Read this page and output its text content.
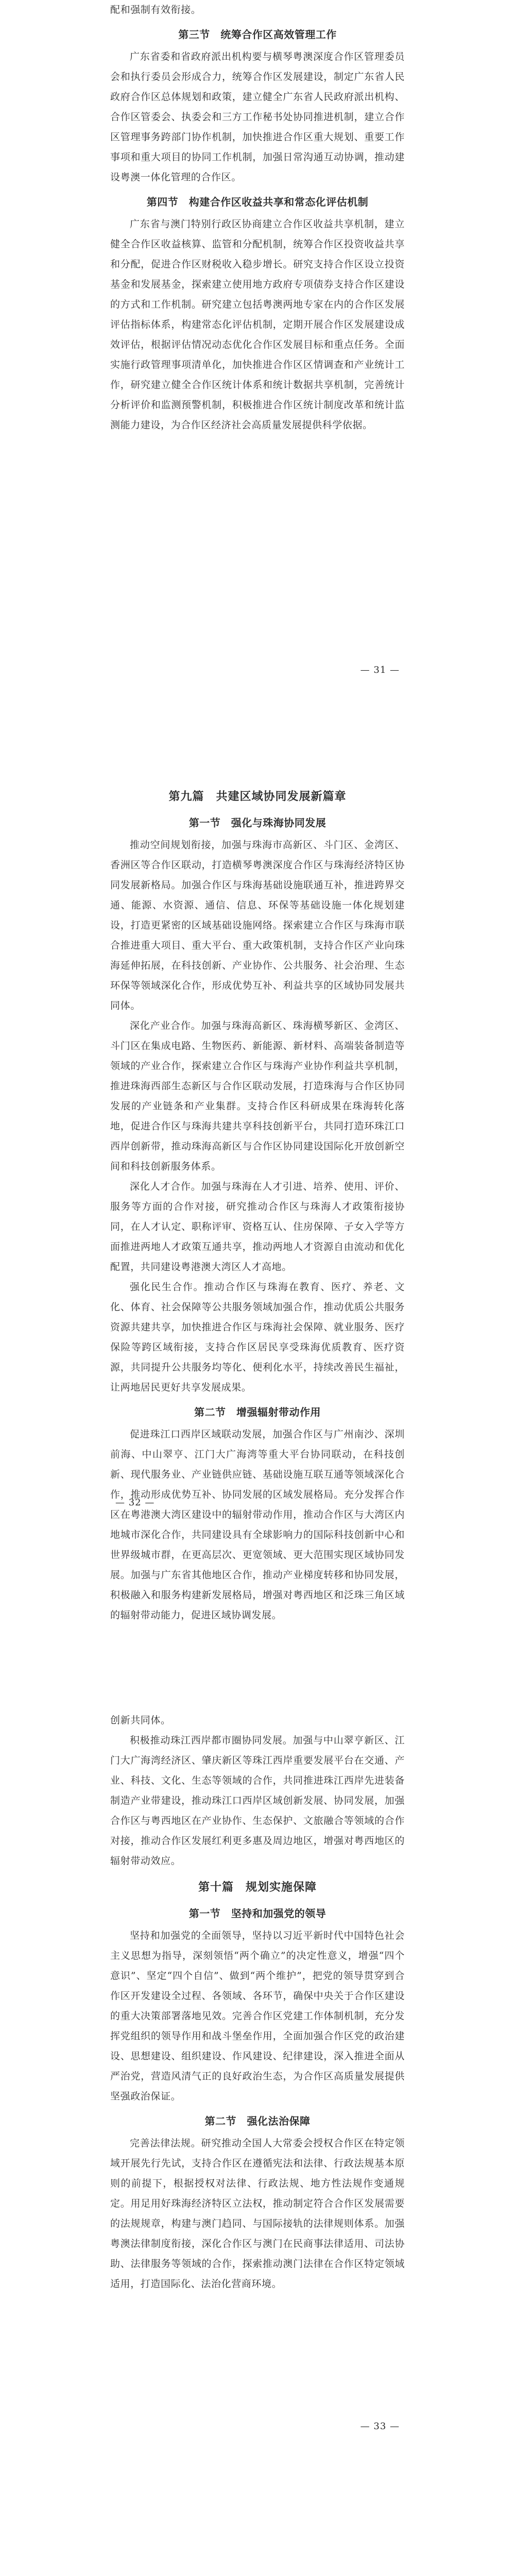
配和强制有效衔接。

第三节　统筹合作区高效管理工作

广东省委和省政府派出机构要与横琴粤澳深度合作区管理委员会和执行委员会形成合力，统筹合作区发展建设，制定广东省人民政府合作区总体规划和政策，建立健全广东省人民政府派出机构、合作区管委会、执委会和三方工作秘书处协同推进机制，建立合作区管理事务跨部门协作机制，加快推进合作区重大规划、重要工作事项和重大项目的协同工作机制，加强日常沟通互动协调，推动建设粤澳一体化管理的合作区。

第四节　构建合作区收益共享和常态化评估机制

广东省与澳门特别行政区协商建立合作区收益共享机制，建立健全合作区收益核算、监管和分配机制，统筹合作区投资收益共享和分配，促进合作区财税收入稳步增长。研究支持合作区设立投资基金和发展基金，探索建立使用地方政府专项债券支持合作区建设的方式和工作机制。研究建立包括粤澳两地专家在内的合作区发展评估指标体系，构建常态化评估机制，定期开展合作区发展建设成效评估，根据评估情况动态优化合作区发展目标和重点任务。全面实施行政管理事项清单化，加快推进合作区区情调查和产业统计工作，研究建立健全合作区统计体系和统计数据共享机制，完善统计分析评价和监测预警机制，积极推进合作区统计制度改革和统计监测能力建设，为合作区经济社会高质量发展提供科学依据。

— 31 —
第九篇　共建区域协同发展新篇章
第一节　强化与珠海协同发展

推动空间规划衔接，加强与珠海市高新区、斗门区、金湾区、香洲区等合作区联动，打造横琴粤澳深度合作区与珠海经济特区协同发展新格局。加强合作区与珠海基础设施联通互补，推进跨界交通、能源、水资源、通信、信息、环保等基础设施一体化规划建设，打造更紧密的区域基础设施网络。探索建立合作区与珠海市联合推进重大项目、重大平台、重大政策机制，支持合作区产业向珠海延伸拓展，在科技创新、产业协作、公共服务、社会治理、生态环保等领域深化合作，形成优势互补、利益共享的区域协同发展共同体。

深化产业合作。加强与珠海高新区、珠海横琴新区、金湾区、斗门区在集成电路、生物医药、新能源、新材料、高端装备制造等领域的产业合作，探索建立合作区与珠海产业协作利益共享机制，推进珠海西部生态新区与合作区联动发展，打造珠海与合作区协同发展的产业链条和产业集群。支持合作区科研成果在珠海转化落地，促进合作区与珠海共建共享科技创新平台，共同打造环珠江口西岸创新带，推动珠海高新区与合作区协同建设国际化开放创新空间和科技创新服务体系。

深化人才合作。加强与珠海在人才引进、培养、使用、评价、服务等方面的合作对接，研究推动合作区与珠海人才政策衔接协同，在人才认定、职称评审、资格互认、住房保障、子女入学等方面推进两地人才政策互通共享，推动两地人才资源自由流动和优化配置，共同建设粤港澳大湾区人才高地。

强化民生合作。推动合作区与珠海在教育、医疗、养老、文化、体育、社会保障等公共服务领域加强合作，推动优质公共服务资源共建共享，加快推进合作区与珠海社会保障、就业服务、医疗保险等跨区域衔接，支持合作区居民享受珠海优质教育、医疗资源，共同提升公共服务均等化、便利化水平，持续改善民生福祉，让两地居民更好共享发展成果。

第二节　增强辐射带动作用

促进珠江口西岸区域联动发展，加强合作区与广州南沙、深圳前海、中山翠亨、江门大广海湾等重大平台协同联动，在科技创新、现代服务业、产业链供应链、基础设施互联互通等领域深化合作，推动形成优势互补、协同发展的区域发展格局。充分发挥合作区在粤港澳大湾区建设中的辐射带动作用，推动合作区与大湾区内地城市深化合作，共同建设具有全球影响力的国际科技创新中心和世界级城市群，在更高层次、更宽领域、更大范围实现区域协同发展。加强与广东省其他地区合作，推动产业梯度转移和协同发展，积极融入和服务构建新发展格局，增强对粤西地区和泛珠三角区域的辐射带动能力，促进区域协调发展。

— 32 —

创新共同体。

积极推动珠江西岸都市圈协同发展。加强与中山翠亨新区、江门大广海湾经济区、肇庆新区等珠江西岸重要发展平台在交通、产业、科技、文化、生态等领域的合作，共同推进珠江西岸先进装备制造产业带建设，推动珠江口西岸区域创新发展、协同发展，加强合作区与粤西地区在产业协作、生态保护、文旅融合等领域的合作对接，推动合作区发展红利更多惠及周边地区，增强对粤西地区的辐射带动效应。

第十篇　规划实施保障
第一节　坚持和加强党的领导

坚持和加强党的全面领导，坚持以习近平新时代中国特色社会主义思想为指导，深刻领悟“两个确立”的决定性意义，增强“四个意识”、坚定“四个自信”、做到“两个维护”，把党的领导贯穿到合作区开发建设全过程、各领域、各环节，确保中央关于合作区建设的重大决策部署落地见效。完善合作区党建工作体制机制，充分发挥党组织的领导作用和战斗堡垒作用，全面加强合作区党的政治建设、思想建设、组织建设、作风建设、纪律建设，深入推进全面从严治党，营造风清气正的良好政治生态，为合作区高质量发展提供坚强政治保证。

第二节　强化法治保障

完善法律法规。研究推动全国人大常委会授权合作区在特定领域开展先行先试，支持合作区在遵循宪法和法律、行政法规基本原则的前提下，根据授权对法律、行政法规、地方性法规作变通规定。用足用好珠海经济特区立法权，推动制定符合合作区发展需要的法规规章，构建与澳门趋同、与国际接轨的法律规则体系。加强粤澳法律制度衔接，深化合作区与澳门在民商事法律适用、司法协助、法律服务等领域的合作，探索推动澳门法律在合作区特定领域适用，打造国际化、法治化营商环境。

— 33 —
